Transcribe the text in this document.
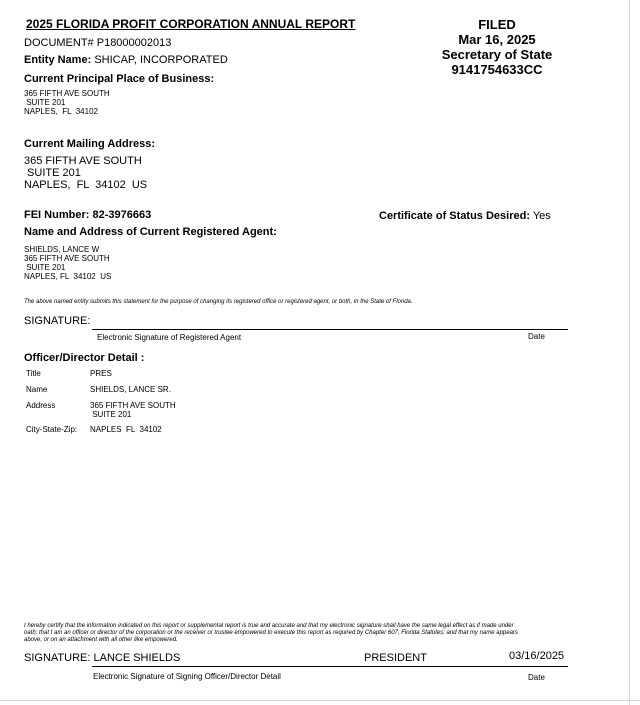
2025 FLORIDA PROFIT CORPORATION ANNUAL REPORT
DOCUMENT# P18000002013
Entity Name: SHICAP, INCORPORATED
FILED
Mar 16, 2025
Secretary of State
9141754633CC
Current Principal Place of Business:
365 FIFTH AVE SOUTH
SUITE 201
NAPLES,  FL  34102
Current Mailing Address:
365 FIFTH AVE SOUTH
SUITE 201
NAPLES,  FL  34102  US
FEI Number: 82-3976663	Certificate of Status Desired: Yes
Name and Address of Current Registered Agent:
SHIELDS, LANCE W
365 FIFTH AVE SOUTH
SUITE 201
NAPLES, FL  34102  US
The above named entity submits this statement for the purpose of changing its registered office or registered agent, or both, in the State of Florida.
SIGNATURE:
Electronic Signature of Registered Agent	Date
Officer/Director Detail :
Title	PRES
Name	SHIELDS, LANCE SR.
Address	365 FIFTH AVE SOUTH
SUITE 201
City-State-Zip: NAPLES  FL  34102
I hereby certify that the information indicated on this report or supplemental report is true and accurate and that my electronic signature shall have the same legal effect as if made under
oath; that I am an officer or director of the corporation or the receiver or trustee empowered to execute this report as required by Chapter 607, Florida Statutes; and that my name appears
above, or on an attachment with all other like empowered.
SIGNATURE: LANCE SHIELDS	PRESIDENT	03/16/2025
Electronic Signature of Signing Officer/Director Detail	Date
